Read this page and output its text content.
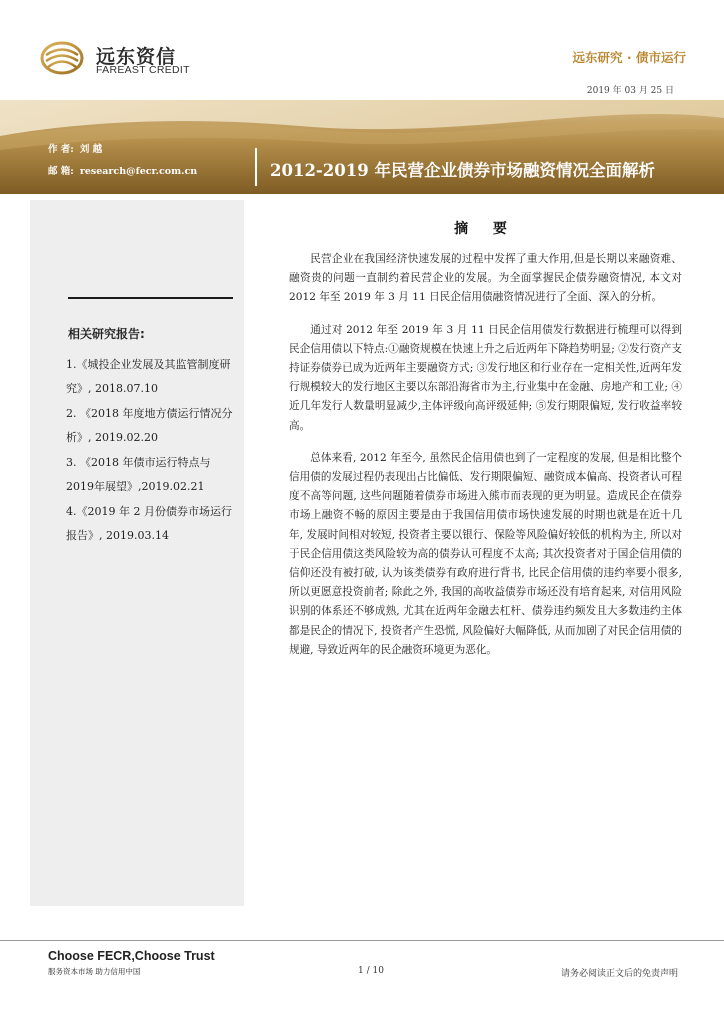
远东资信
FAREAST CREDIT
远东研究 · 债市运行
2019 年 03 月 25 日
作 者: 刘 越
邮 箱: research@fecr.com.cn	2012-2019 年民营企业债券市场融资情况全面解析
相关研究报告:
1.《城投企业发展及其监管制度研究》, 2018.07.10
2. 《2018 年度地方债运行情况分析》, 2019.02.20
3. 《2018 年债市运行特点与2019年展望》,2019.02.21
4.《2019 年 2 月份债券市场运行报告》, 2019.03.14
摘 要

民营企业在我国经济快速发展的过程中发挥了重大作用,但是长期以来融资难、融资贵的问题一直制约着民营企业的发展。为全面掌握民企债券融资情况, 本文对 2012 年至 2019 年 3 月 11 日民企信用债融资情况进行了全面、深入的分析。

通过对 2012 年至 2019 年 3 月 11 日民企信用债发行数据进行梳理可以得到民企信用债以下特点:①融资规模在快速上升之后近两年下降趋势明显; ②发行资产支持证券债券已成为近两年主要融资方式; ③发行地区和行业存在一定相关性,近两年发行规模较大的发行地区主要以东部沿海省市为主,行业集中在金融、房地产和工业; ④近几年发行人数量明显减少,主体评级向高评级延伸; ⑤发行期限偏短, 发行收益率较高。

总体来看, 2012 年至今, 虽然民企信用债也到了一定程度的发展, 但是相比整个信用债的发展过程仍表现出占比偏低、发行期限偏短、融资成本偏高、投资者认可程度不高等问题, 这些问题随着债券市场进入熊市而表现的更为明显。造成民企在债券市场上融资不畅的原因主要是由于我国信用债市场快速发展的时期也就是在近十几年, 发展时间相对较短, 投资者主要以银行、保险等风险偏好较低的机构为主, 所以对于民企信用债这类风险较为高的债券认可程度不太高; 其次投资者对于国企信用债的信仰还没有被打破, 认为该类债券有政府进行背书, 比民企信用债的违约率要小很多, 所以更愿意投资前者; 除此之外, 我国的高收益债券市场还没有培育起来, 对信用风险识别的体系还不够成熟, 尤其在近两年金融去杠杆、债券违约频发且大多数违约主体都是民企的情况下, 投资者产生恐慌, 风险偏好大幅降低, 从而加剧了对民企信用债的规避, 导致近两年的民企融资环境更为恶化。

Choose FECR,Choose Trust
服务资本市场 助力信用中国	1 / 10	请务必阅读正文后的免责声明
